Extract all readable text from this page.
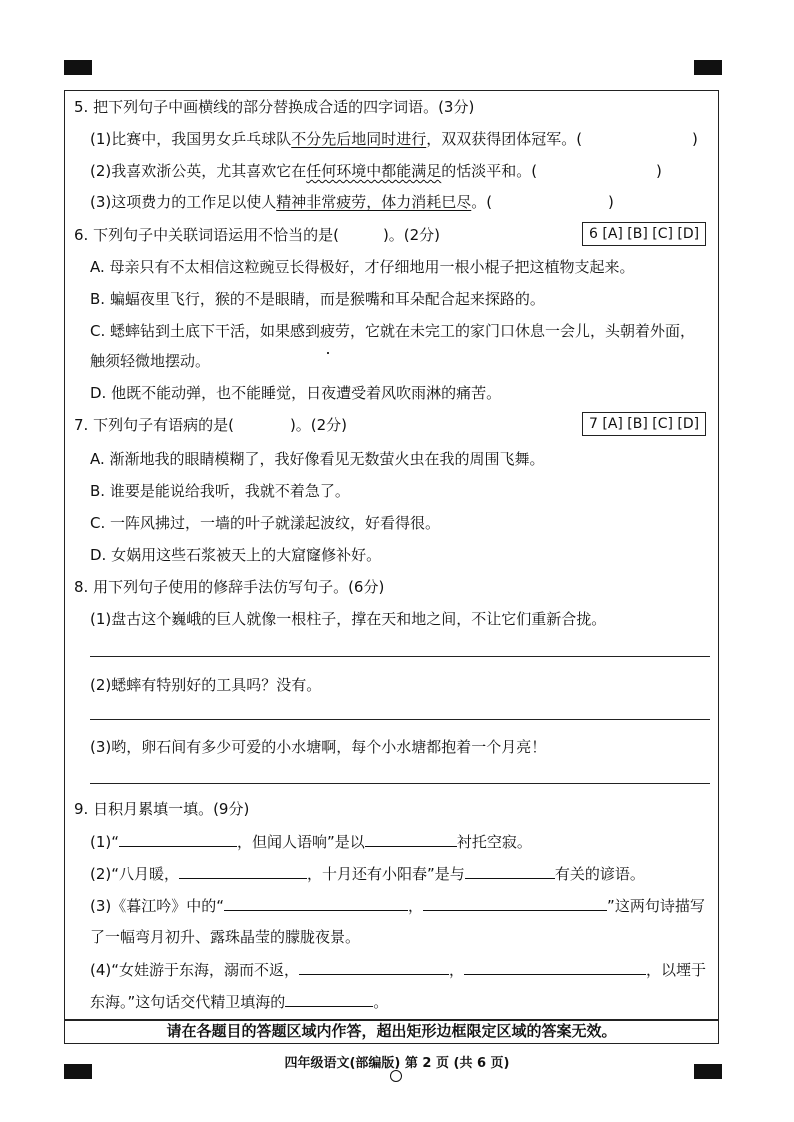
5. 把下列句子中画横线的部分替换成合适的四字词语。(3分)
(1)比赛中，我国男女乒乓球队不分先后地同时进行，双双获得团体冠军。(	)
(2)我喜欢浙公英，尤其喜欢它在任何环境中都能满足的恬淡平和。(	)
(3)这项费力的工作足以使人精神非常疲劳，体力消耗巳尽。(	)
6. 下列句子中关联词语运用不恰当的是(	)。(2分)	6 [A] [B] [C] [D]
A. 母亲只有不太相信这粒豌豆长得极好，才仔细地用一根小棍子把这植物支起来。
B. 蝙蝠夜里飞行，猴的不是眼睛，而是猴嘴和耳朵配合起来探路的。
C. 蟋蟀钻到土底下干活，如果感到疲劳，它就在未完工的家门口休息一会儿，头朝着外面，
触须轻微地摆动。
D. 他既不能动弹，也不能睡觉，日夜遭受着风吹雨淋的痛苦。
7. 下列句子有语病的是(	)。(2分)	7 [A] [B] [C] [D]
A. 渐渐地我的眼睛模糊了，我好像看见无数萤火虫在我的周围飞舞。
B. 谁要是能说给我听，我就不着急了。
C. 一阵风拂过，一墙的叶子就漾起波纹，好看得很。
D. 女娲用这些石浆被天上的大窟窿修补好。
8. 用下列句子使用的修辞手法仿写句子。(6分)
(1)盘古这个巍峨的巨人就像一根柱子，撑在天和地之间，不让它们重新合拢。
(2)蟋蟀有特别好的工具吗？没有。
(3)哟，卵石间有多少可爱的小水塘啊，每个小水塘都抱着一个月亮！
9. 日积月累填一填。(9分)
(1)“	，但闻人语响”是以	衬托空寂。
(2)“八月暖，	，十月还有小阳春”是与	有关的谚语。
(3)《暮江吟》中的“	，	”这两句诗描写
了一幅弯月初升、露珠晶莹的朦胧夜景。
(4)“女娃游于东海，溺而不返，	，	，以堙于
东海。”这句话交代精卫填海的	。
请在各题目的答题区域内作答，超出矩形边框限定区域的答案无效。
四年级语文(部编版) 第 2 页 (共 6 页)
